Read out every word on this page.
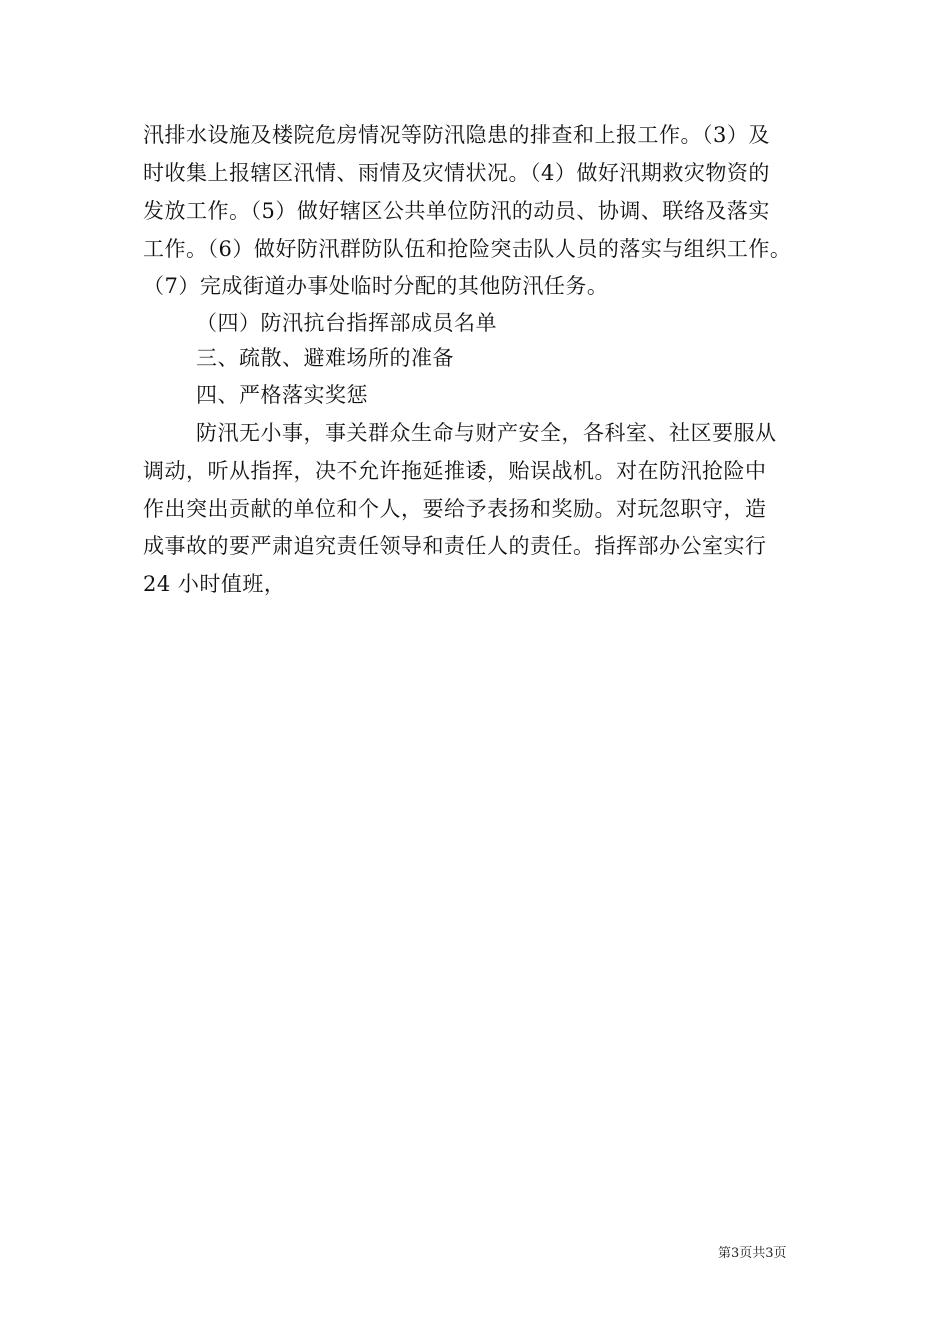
汛排水设施及楼院危房情况等防汛隐患的排查和上报工作。（3）及
时收集上报辖区汛情、雨情及灾情状况。（4）做好汛期救灾物资的
发放工作。（5）做好辖区公共单位防汛的动员、协调、联络及落实
工作。（6）做好防汛群防队伍和抢险突击队人员的落实与组织工作。
（7）完成街道办事处临时分配的其他防汛任务。
（四）防汛抗台指挥部成员名单
三、疏散、避难场所的准备
四、严格落实奖惩
防汛无小事，事关群众生命与财产安全，各科室、社区要服从
调动，听从指挥，决不允许拖延推诿，贻误战机。对在防汛抢险中
作出突出贡献的单位和个人，要给予表扬和奖励。对玩忽职守，造
成事故的要严肃追究责任领导和责任人的责任。指挥部办公室实行
24 小时值班，
第3页共3页
